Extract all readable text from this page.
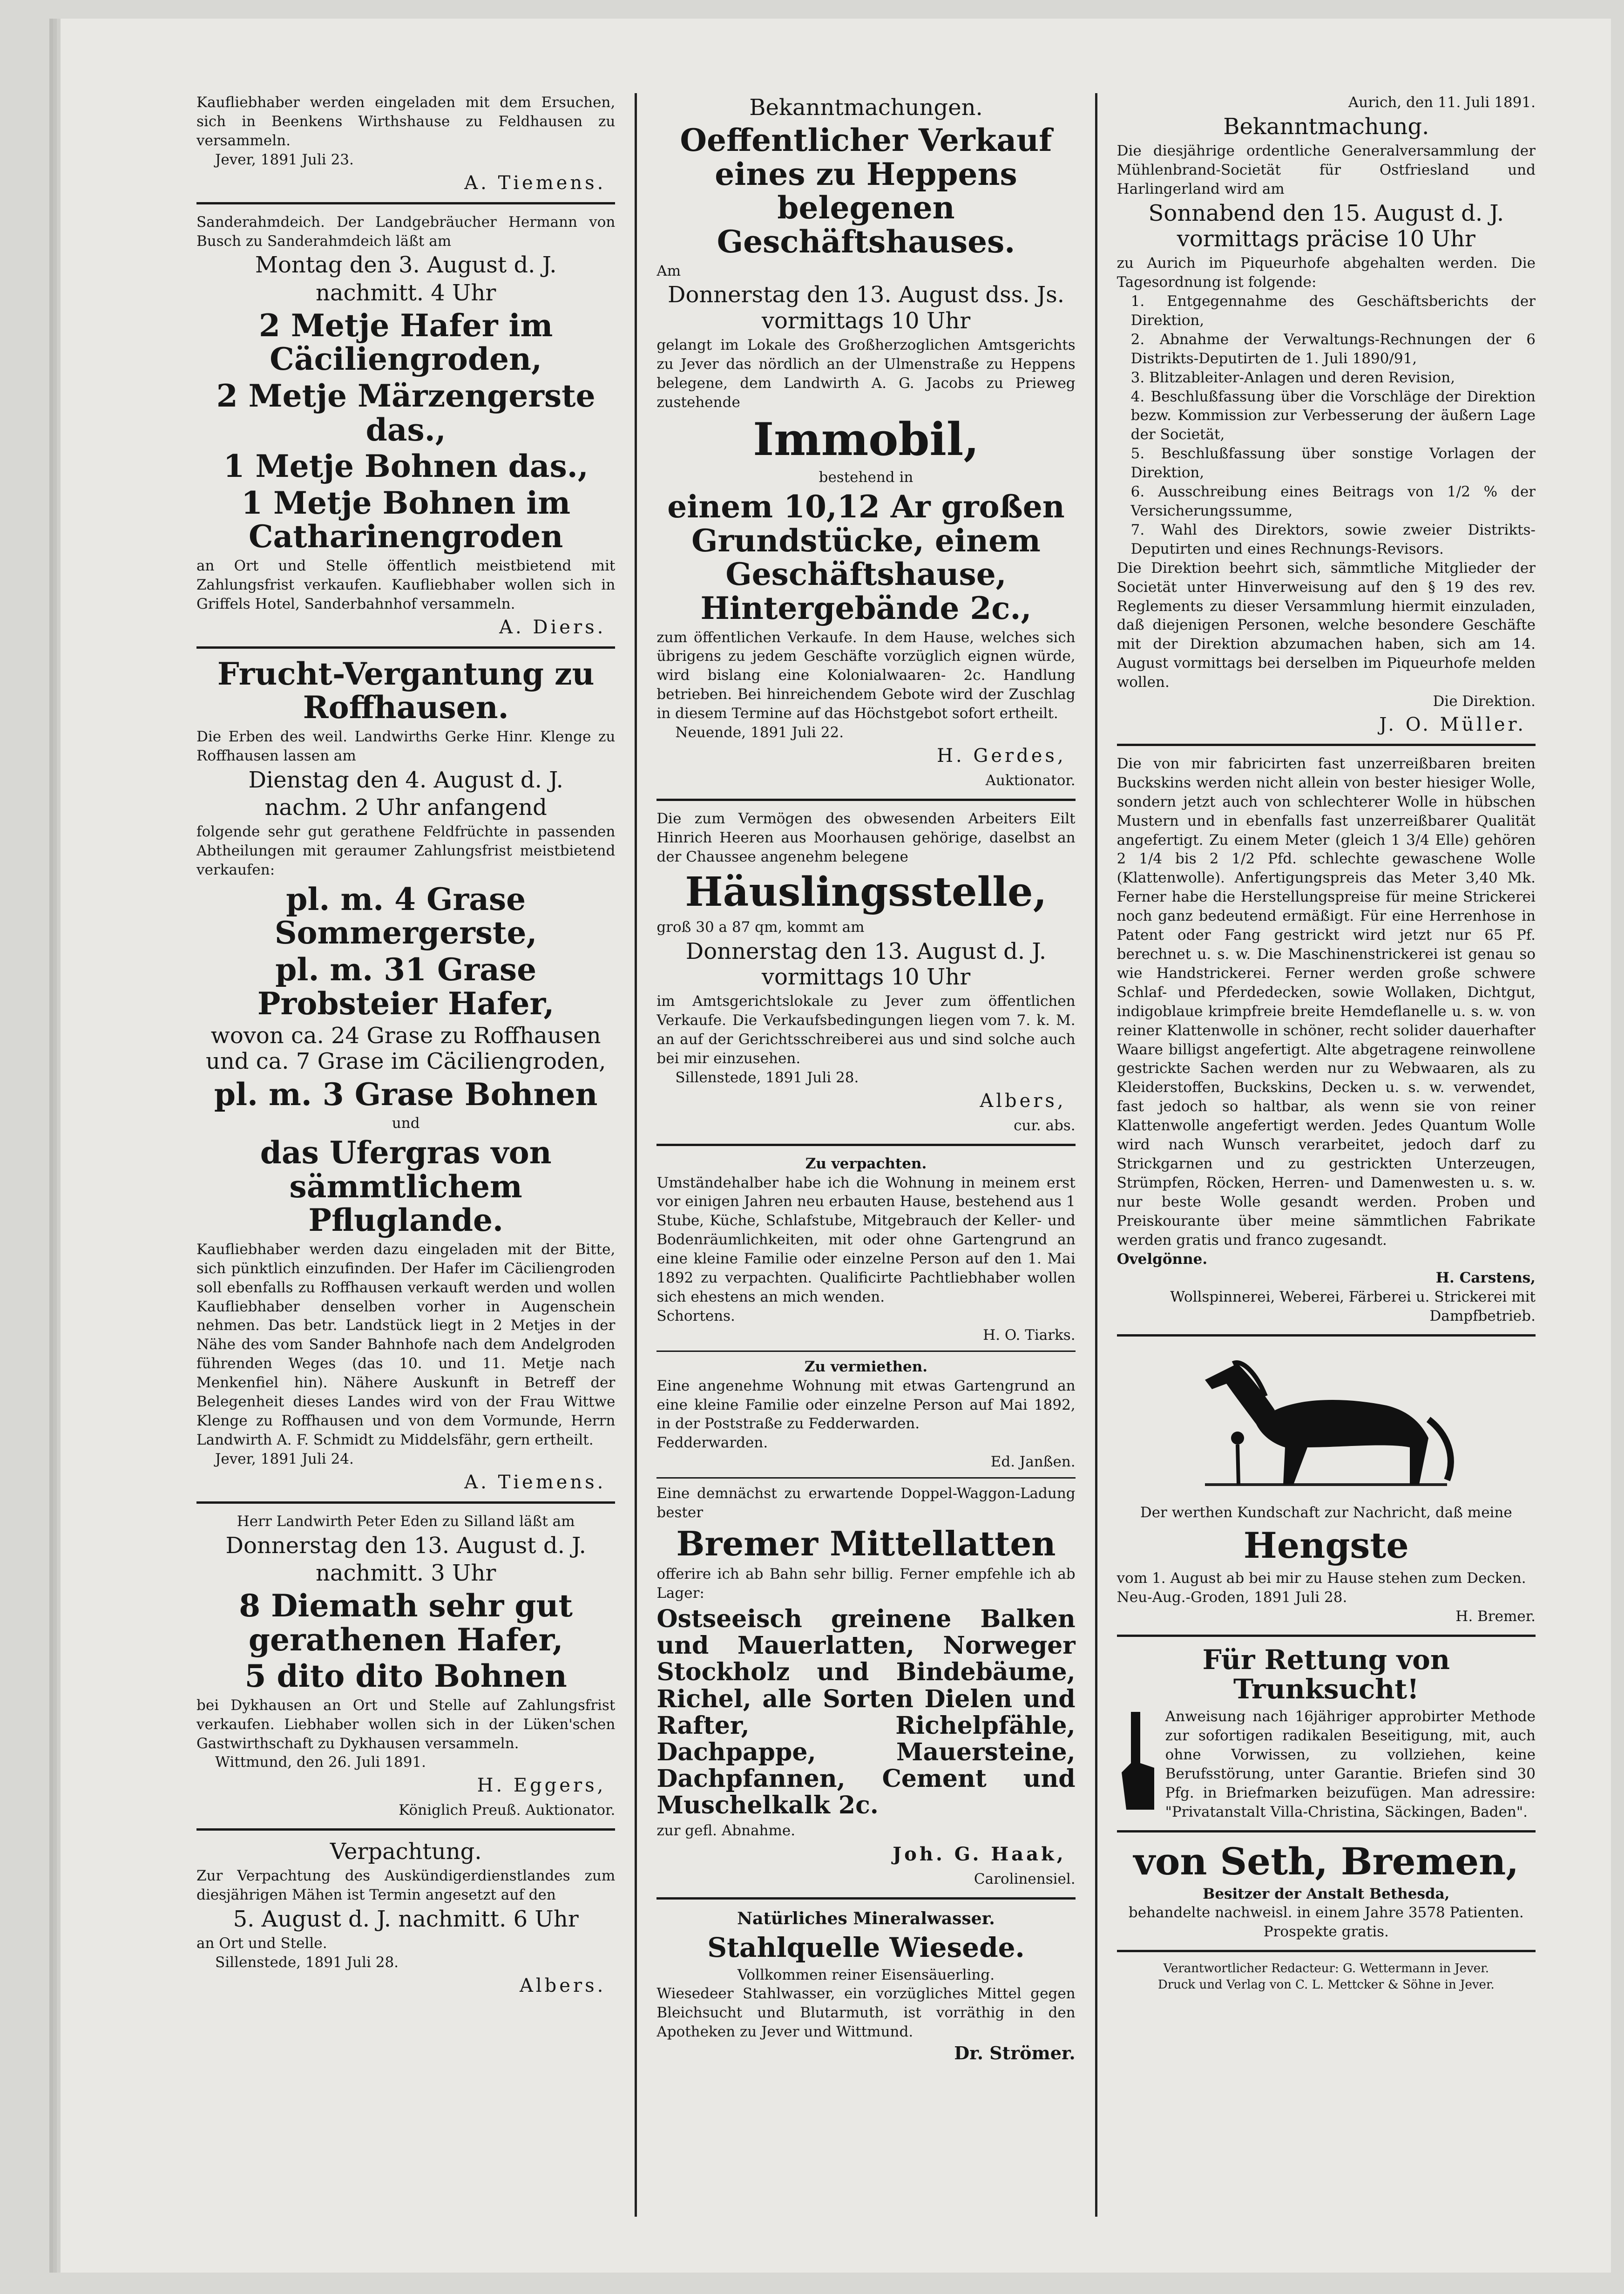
Kaufliebhaber werden eingeladen mit dem Ersuchen, sich in Beenkens Wirthshause zu Feldhausen zu versammeln.

Jever, 1891 Juli 23.

A. Tiemens.

Sanderahmdeich. Der Landgebräucher Hermann von Busch zu Sanderahmdeich läßt am

Montag den 3. August d. J.
nachmitt. 4 Uhr
2 Metje Hafer im Cäciliengroden,
2 Metje Märzengerste das.,
1 Metje Bohnen das.,
1 Metje Bohnen im Catharinengroden

an Ort und Stelle öffentlich meistbietend mit Zahlungsfrist verkaufen. Kaufliebhaber wollen sich in Griffels Hotel, Sanderbahnhof versammeln.

A. Diers.
Frucht-Vergantung zu Roffhausen.

Die Erben des weil. Landwirths Gerke Hinr. Klenge zu Roffhausen lassen am

Dienstag den 4. August d. J.
nachm. 2 Uhr anfangend

folgende sehr gut gerathene Feldfrüchte in passenden Abtheilungen mit geraumer Zahlungsfrist meistbietend verkaufen:

pl. m. 4 Grase Sommergerste,
pl. m. 31 Grase Probsteier Hafer,
wovon ca. 24 Grase zu Roffhausen und ca. 7 Grase im Cäciliengroden,
pl. m. 3 Grase Bohnen

und

das Ufergras von sämmtlichem Pfluglande.

Kaufliebhaber werden dazu eingeladen mit der Bitte, sich pünktlich einzufinden. Der Hafer im Cäciliengroden soll ebenfalls zu Roffhausen verkauft werden und wollen Kaufliebhaber denselben vorher in Augenschein nehmen. Das betr. Landstück liegt in 2 Metjes in der Nähe des vom Sander Bahnhofe nach dem Andelgroden führenden Weges (das 10. und 11. Metje nach Menkenfiel hin). Nähere Auskunft in Betreff der Belegenheit dieses Landes wird von der Frau Wittwe Klenge zu Roffhausen und von dem Vormunde, Herrn Landwirth A. F. Schmidt zu Middelsfähr, gern ertheilt.

Jever, 1891 Juli 24.

A. Tiemens.

Herr Landwirth Peter Eden zu Silland läßt am

Donnerstag den 13. August d. J.
nachmitt. 3 Uhr
8 Diemath sehr gut gerathenen Hafer,
5 dito dito Bohnen

bei Dykhausen an Ort und Stelle auf Zahlungsfrist verkaufen. Liebhaber wollen sich in der Lüken'schen Gastwirthschaft zu Dykhausen versammeln.

Wittmund, den 26. Juli 1891.

H. Eggers,

Königlich Preuß. Auktionator.

Verpachtung.

Zur Verpachtung des Auskündigerdienstlandes zum diesjährigen Mähen ist Termin angesetzt auf den

5. August d. J. nachmitt. 6 Uhr

an Ort und Stelle.

Sillenstede, 1891 Juli 28.

Albers.
Bekanntmachungen.
Oeffentlicher Verkauf eines zu Heppens belegenen Geschäftshauses.

Am

Donnerstag den 13. August dss. Js. vormittags 10 Uhr

gelangt im Lokale des Großherzoglichen Amtsgerichts zu Jever das nördlich an der Ulmenstraße zu Heppens belegene, dem Landwirth A. G. Jacobs zu Prieweg zustehende

Immobil,

bestehend in

einem 10,12 Ar großen Grundstücke, einem Geschäftshause, Hintergebände 2c.,

zum öffentlichen Verkaufe. In dem Hause, welches sich übrigens zu jedem Geschäfte vorzüglich eignen würde, wird bislang eine Kolonialwaaren- 2c. Handlung betrieben. Bei hinreichendem Gebote wird der Zuschlag in diesem Termine auf das Höchstgebot sofort ertheilt.

Neuende, 1891 Juli 22.

H. Gerdes,

Auktionator.

Die zum Vermögen des obwesenden Arbeiters Eilt Hinrich Heeren aus Moorhausen gehörige, daselbst an der Chaussee angenehm belegene

Häuslingsstelle,

groß 30 a 87 qm, kommt am

Donnerstag den 13. August d. J. vormittags 10 Uhr

im Amtsgerichtslokale zu Jever zum öffentlichen Verkaufe. Die Verkaufsbedingungen liegen vom 7. k. M. an auf der Gerichtsschreiberei aus und sind solche auch bei mir einzusehen.

Sillenstede, 1891 Juli 28.

Albers,

cur. abs.

Zu verpachten.

Umständehalber habe ich die Wohnung in meinem erst vor einigen Jahren neu erbauten Hause, bestehend aus 1 Stube, Küche, Schlafstube, Mitgebrauch der Keller- und Bodenräumlichkeiten, mit oder ohne Gartengrund an eine kleine Familie oder einzelne Person auf den 1. Mai 1892 zu verpachten. Qualificirte Pachtliebhaber wollen sich ehestens an mich wenden.

Schortens.

H. O. Tiarks.

Zu vermiethen.

Eine angenehme Wohnung mit etwas Gartengrund an eine kleine Familie oder einzelne Person auf Mai 1892, in der Poststraße zu Fedderwarden.

Fedderwarden.

Ed. Janßen.

Eine demnächst zu erwartende Doppel-Waggon-Ladung bester

Bremer Mittellatten

offerire ich ab Bahn sehr billig. Ferner empfehle ich ab Lager:

Ostseeisch greinene Balken und Mauerlatten, Norweger Stockholz und Bindebäume, Richel, alle Sorten Dielen und Rafter, Richelpfähle, Dachpappe, Mauersteine, Dachpfannen, Cement und Muschelkalk 2c.

zur gefl. Abnahme.

Joh. G. Haak,

Carolinensiel.

Natürliches Mineralwasser.

Stahlquelle Wiesede.

Vollkommen reiner Eisensäuerling.

Wiesedeer Stahlwasser, ein vorzügliches Mittel gegen Bleichsucht und Blutarmuth, ist vorräthig in den Apotheken zu Jever und Wittmund.

Dr. Strömer.

Aurich, den 11. Juli 1891.

Bekanntmachung.

Die diesjährige ordentliche Generalversammlung der Mühlenbrand-Societät für Ostfriesland und Harlingerland wird am

Sonnabend den 15. August d. J. vormittags präcise 10 Uhr

zu Aurich im Piqueurhofe abgehalten werden. Die Tagesordnung ist folgende:

1. Entgegennahme des Geschäftsberichts der Direktion,

2. Abnahme der Verwaltungs-Rechnungen der 6 Distrikts-Deputirten de 1. Juli 1890/91,

3. Blitzableiter-Anlagen und deren Revision,

4. Beschlußfassung über die Vorschläge der Direktion bezw. Kommission zur Verbesserung der äußern Lage der Societät,

5. Beschlußfassung über sonstige Vorlagen der Direktion,

6. Ausschreibung eines Beitrags von 1/2 % der Versicherungssumme,

7. Wahl des Direktors, sowie zweier Distrikts-Deputirten und eines Rechnungs-Revisors.

Die Direktion beehrt sich, sämmtliche Mitglieder der Societät unter Hinverweisung auf den § 19 des rev. Reglements zu dieser Versammlung hiermit einzuladen, daß diejenigen Personen, welche besondere Geschäfte mit der Direktion abzumachen haben, sich am 14. August vormittags bei derselben im Piqueurhofe melden wollen.

Die Direktion.

J. O. Müller.

Die von mir fabricirten fast unzerreißbaren breiten Buckskins werden nicht allein von bester hiesiger Wolle, sondern jetzt auch von schlechterer Wolle in hübschen Mustern und in ebenfalls fast unzerreißbarer Qualität angefertigt. Zu einem Meter (gleich 1 3/4 Elle) gehören 2 1/4 bis 2 1/2 Pfd. schlechte gewaschene Wolle (Klattenwolle). Anfertigungspreis das Meter 3,40 Mk. Ferner habe die Herstellungspreise für meine Strickerei noch ganz bedeutend ermäßigt. Für eine Herrenhose in Patent oder Fang gestrickt wird jetzt nur 65 Pf. berechnet u. s. w. Die Maschinenstrickerei ist genau so wie Handstrickerei. Ferner werden große schwere Schlaf- und Pferdedecken, sowie Wollaken, Dichtgut, indigoblaue krimpfreie breite Hemdeflanelle u. s. w. von reiner Klattenwolle in schöner, recht solider dauerhafter Waare billigst angefertigt. Alte abgetragene reinwollene gestrickte Sachen werden nur zu Webwaaren, als zu Kleiderstoffen, Buckskins, Decken u. s. w. verwendet, fast jedoch so haltbar, als wenn sie von reiner Klattenwolle angefertigt werden. Jedes Quantum Wolle wird nach Wunsch verarbeitet, jedoch darf zu Strickgarnen und zu gestrickten Unterzeugen, Strümpfen, Röcken, Herren- und Damenwesten u. s. w. nur beste Wolle gesandt werden. Proben und Preiskourante über meine sämmtlichen Fabrikate werden gratis und franco zugesandt.

Ovelgönne.

H. Carstens,

Wollspinnerei, Weberei, Färberei u. Strickerei mit Dampfbetrieb.

Der werthen Kundschaft zur Nachricht, daß meine

Hengste

vom 1. August ab bei mir zu Hause stehen zum Decken.

Neu-Aug.-Groden, 1891 Juli 28.

H. Bremer.

Für Rettung von Trunksucht!

Anweisung nach 16jähriger approbirter Methode zur sofortigen radikalen Beseitigung, mit, auch ohne Vorwissen, zu vollziehen, keine Berufsstörung, unter Garantie. Briefen sind 30 Pfg. in Briefmarken beizufügen. Man adressire: "Privatanstalt Villa-Christina, Säckingen, Baden".

von Seth, Bremen,

Besitzer der Anstalt Bethesda,

behandelte nachweisl. in einem Jahre 3578 Patienten. Prospekte gratis.

Verantwortlicher Redacteur: G. Wettermann in Jever.

Druck und Verlag von C. L. Mettcker & Söhne in Jever.
